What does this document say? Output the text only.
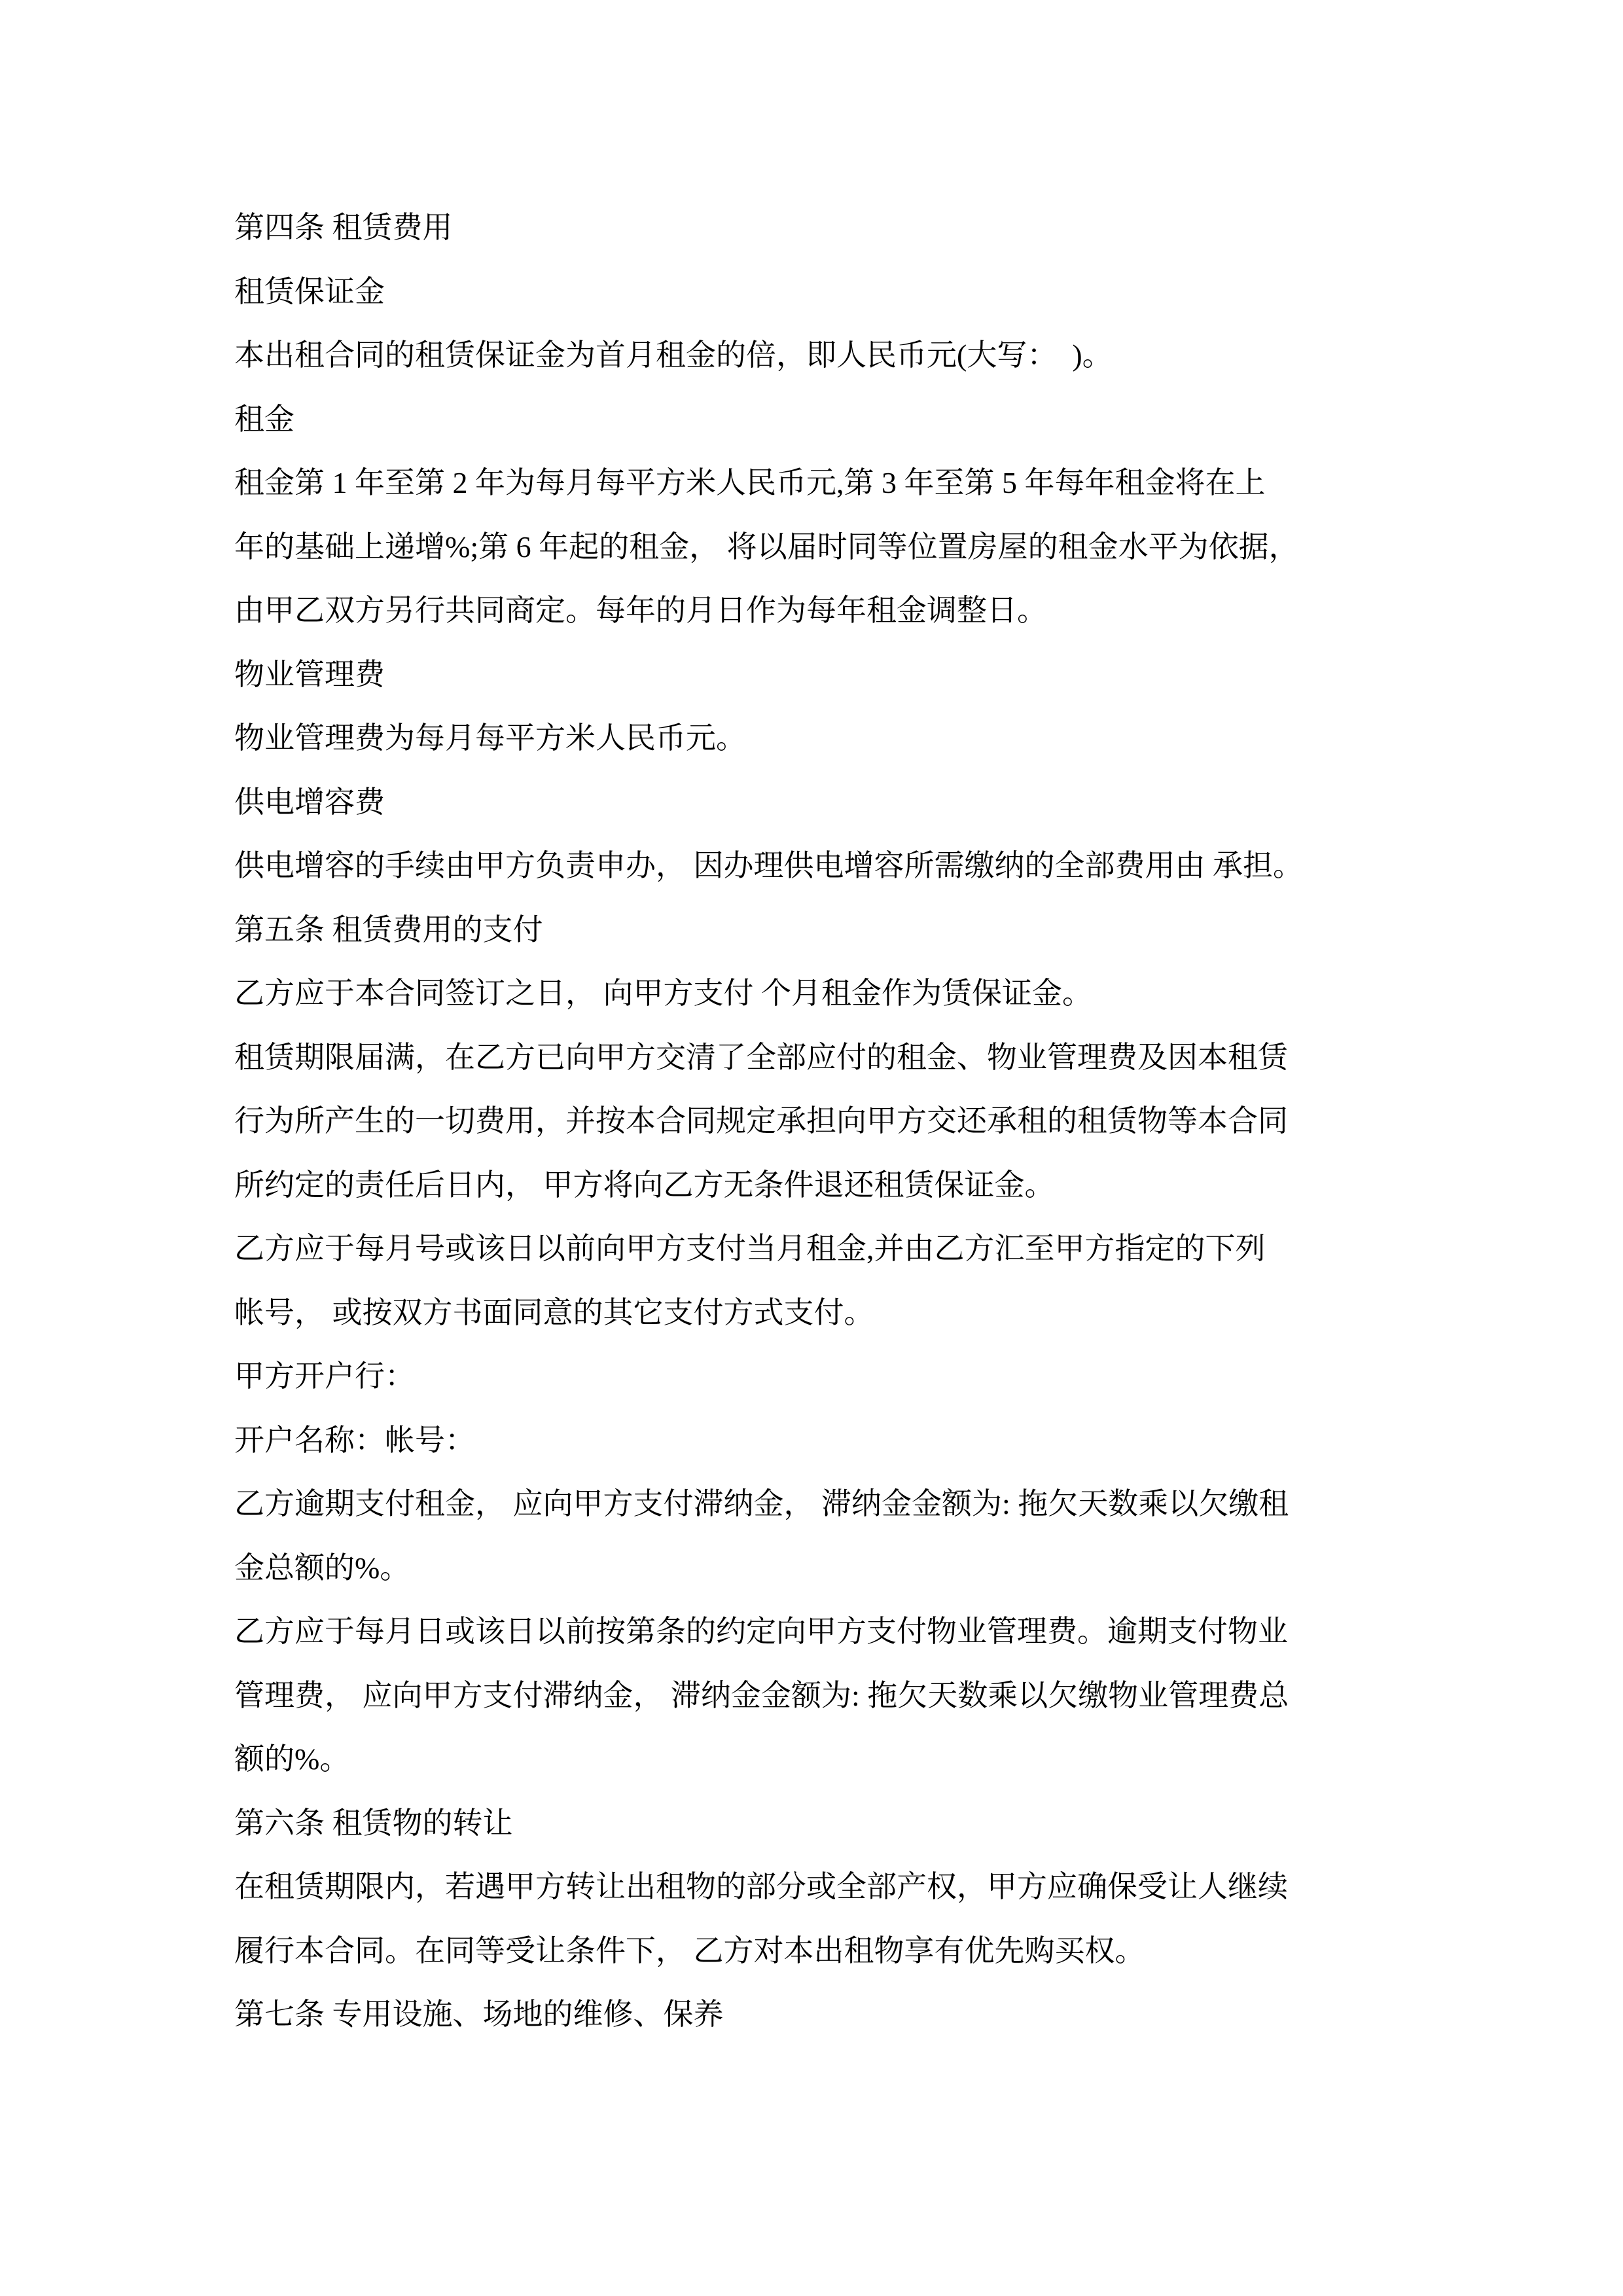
第四条 租赁费用
租赁保证金
本出租合同的租赁保证金为首月租金的倍，即人民币元(大写：  )。
租金
租金第 1 年至第 2 年为每月每平方米人民币元,第 3 年至第 5 年每年租金将在上
年的基础上递增%;第 6 年起的租金， 将以届时同等位置房屋的租金水平为依据，
由甲乙双方另行共同商定。每年的月日作为每年租金调整日。
物业管理费
物业管理费为每月每平方米人民币元。
供电增容费
供电增容的手续由甲方负责申办， 因办理供电增容所需缴纳的全部费用由 承担。
第五条 租赁费用的支付
乙方应于本合同签订之日， 向甲方支付 个月租金作为赁保证金。
租赁期限届满，在乙方已向甲方交清了全部应付的租金、物业管理费及因本租赁
行为所产生的一切费用，并按本合同规定承担向甲方交还承租的租赁物等本合同
所约定的责任后日内， 甲方将向乙方无条件退还租赁保证金。
乙方应于每月号或该日以前向甲方支付当月租金,并由乙方汇至甲方指定的下列
帐号， 或按双方书面同意的其它支付方式支付。
甲方开户行：
开户名称：帐号：
乙方逾期支付租金， 应向甲方支付滞纳金， 滞纳金金额为: 拖欠天数乘以欠缴租
金总额的%。
乙方应于每月日或该日以前按第条的约定向甲方支付物业管理费。逾期支付物业
管理费， 应向甲方支付滞纳金， 滞纳金金额为: 拖欠天数乘以欠缴物业管理费总
额的%。
第六条 租赁物的转让
在租赁期限内，若遇甲方转让出租物的部分或全部产权，甲方应确保受让人继续
履行本合同。在同等受让条件下， 乙方对本出租物享有优先购买权。
第七条 专用设施、场地的维修、保养
